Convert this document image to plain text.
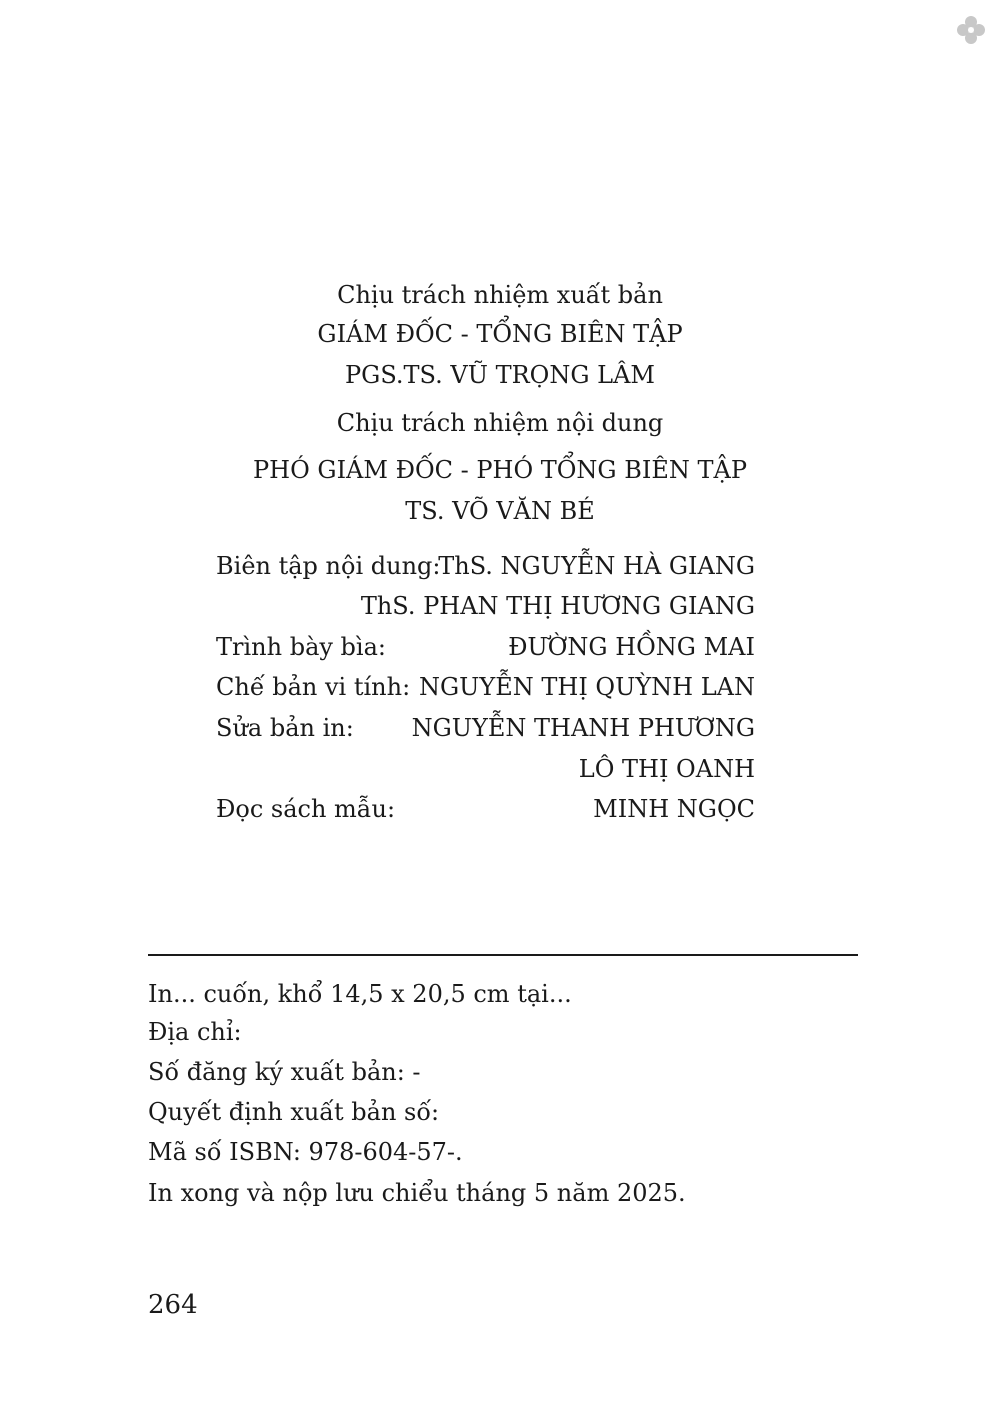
Chịu trách nhiệm xuất bản
GIÁM ĐỐC - TỔNG BIÊN TẬP
PGS.TS. VŨ TRỌNG LÂM
Chịu trách nhiệm nội dung
PHÓ GIÁM ĐỐC - PHÓ TỔNG BIÊN TẬP
TS. VÕ VĂN BÉ
Biên tập nội dung:
ThS. NGUYỄN HÀ GIANG
ThS. PHAN THỊ HƯƠNG GIANG
Trình bày bìa:	ĐƯỜNG HỒNG MAI
Chế bản vi tính: NGUYỄN THỊ QUỲNH LAN
Sửa bản in: NGUYỄN THANH PHƯƠNG
LÔ THỊ OANH
Đọc sách mẫu:	MINH NGỌC
In... cuốn, khổ 14,5 x 20,5 cm tại...
Địa chỉ:
Số đăng ký xuất bản: -
Quyết định xuất bản số:
Mã số ISBN: 978-604-57-.
In xong và nộp lưu chiểu tháng 5 năm 2025.
264
